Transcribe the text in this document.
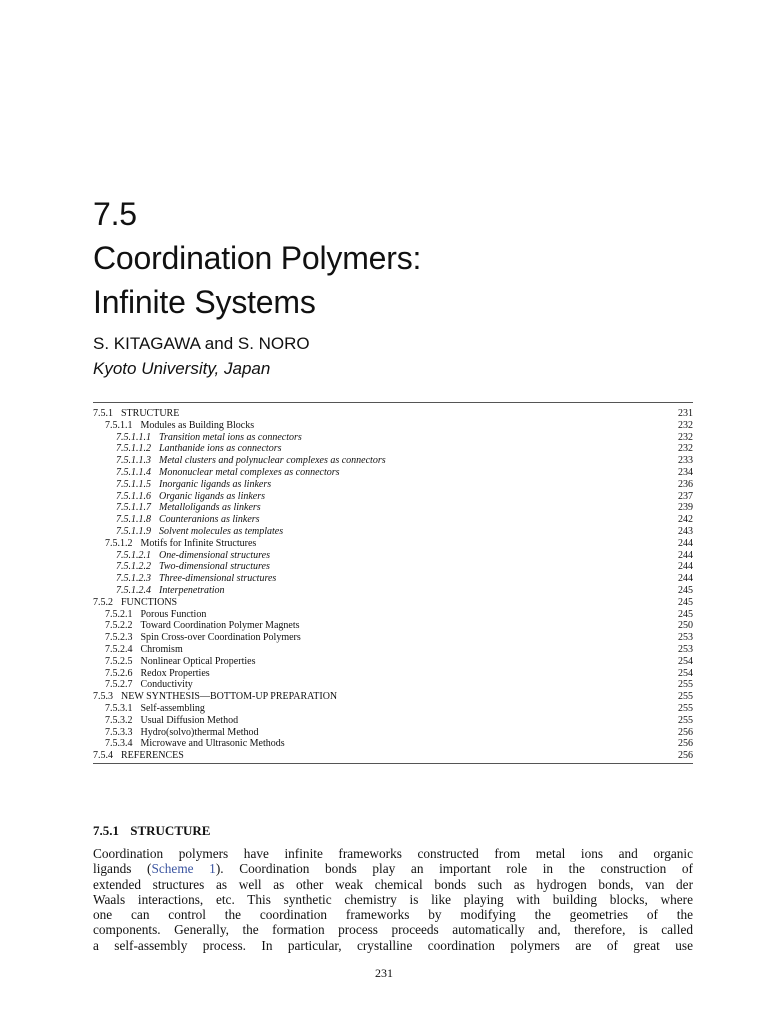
7.5
Coordination Polymers:
Infinite Systems
S. KITAGAWA and S. NORO
Kyoto University, Japan
7.5.1 STRUCTURE	231
7.5.1.1 Modules as Building Blocks	232
7.5.1.1.1 Transition metal ions as connectors	232
7.5.1.1.2 Lanthanide ions as connectors	232
7.5.1.1.3 Metal clusters and polynuclear complexes as connectors	233
7.5.1.1.4 Mononuclear metal complexes as connectors	234
7.5.1.1.5 Inorganic ligands as linkers	236
7.5.1.1.6 Organic ligands as linkers	237
7.5.1.1.7 Metalloligands as linkers	239
7.5.1.1.8 Counteranions as linkers	242
7.5.1.1.9 Solvent molecules as templates	243
7.5.1.2 Motifs for Infinite Structures	244
7.5.1.2.1 One-dimensional structures	244
7.5.1.2.2 Two-dimensional structures	244
7.5.1.2.3 Three-dimensional structures	244
7.5.1.2.4 Interpenetration	245
7.5.2 FUNCTIONS	245
7.5.2.1 Porous Function	245
7.5.2.2 Toward Coordination Polymer Magnets	250
7.5.2.3 Spin Cross-over Coordination Polymers	253
7.5.2.4 Chromism	253
7.5.2.5 Nonlinear Optical Properties	254
7.5.2.6 Redox Properties	254
7.5.2.7 Conductivity	255
7.5.3 NEW SYNTHESIS—BOTTOM-UP PREPARATION	255
7.5.3.1 Self-assembling	255
7.5.3.2 Usual Diffusion Method	255
7.5.3.3 Hydro(solvo)thermal Method	256
7.5.3.4 Microwave and Ultrasonic Methods	256
7.5.4 REFERENCES	256
7.5.1 STRUCTURE
Coordination polymers have infinite frameworks constructed from metal ions and organic
ligands (Scheme 1). Coordination bonds play an important role in the construction of
extended structures as well as other weak chemical bonds such as hydrogen bonds, van der
Waals interactions, etc. This synthetic chemistry is like playing with building blocks, where
one can control the coordination frameworks by modifying the geometries of the
components. Generally, the formation process proceeds automatically and, therefore, is called
a self-assembly process. In particular, crystalline coordination polymers are of great use
231
